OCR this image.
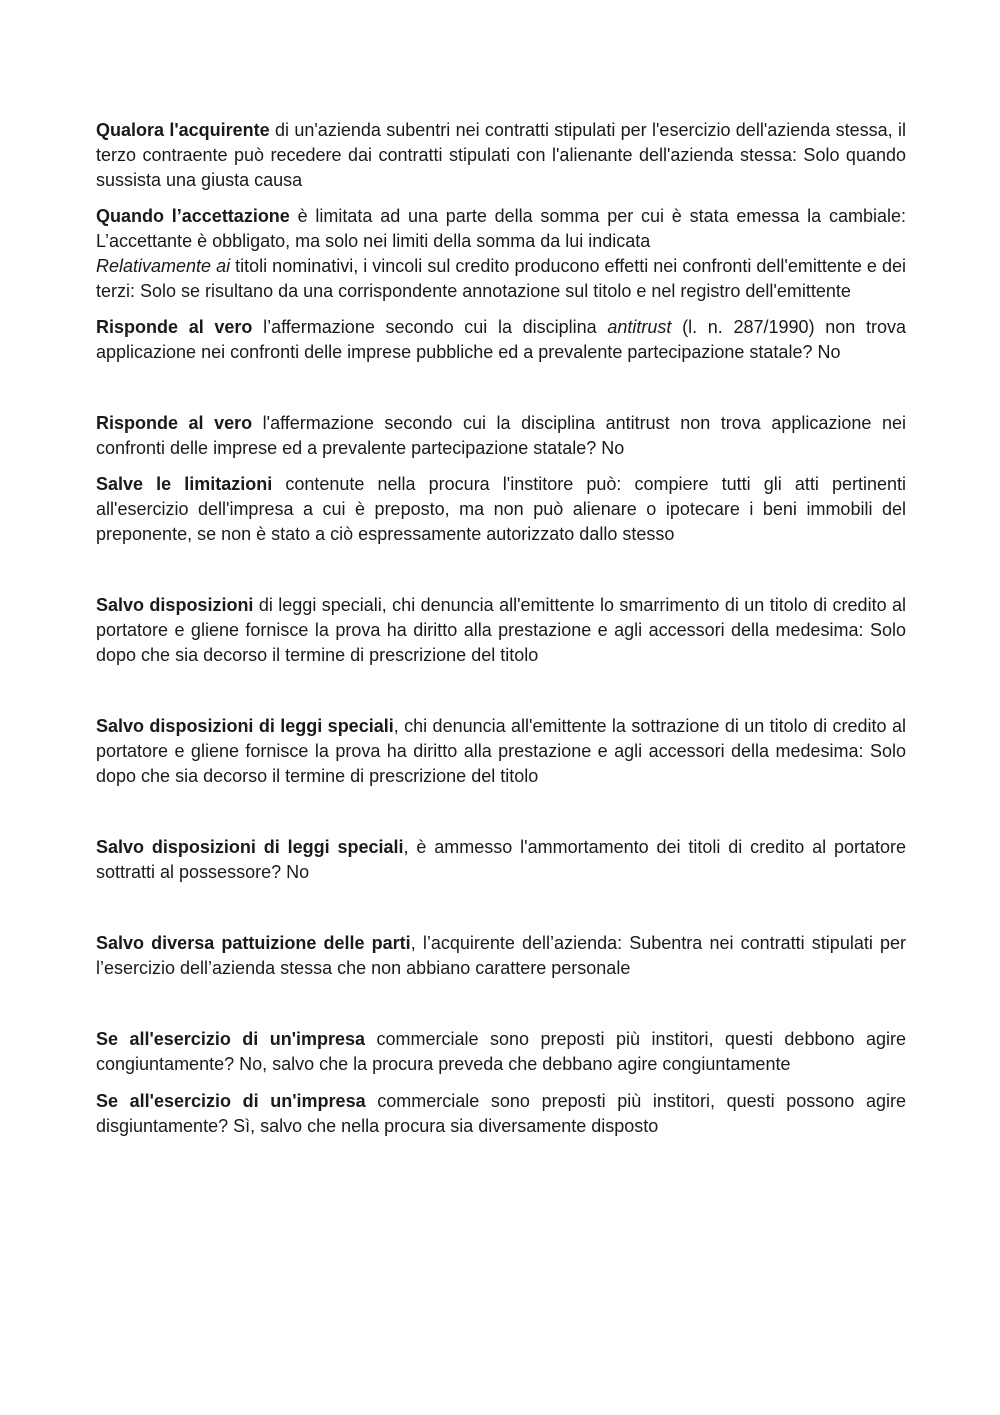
Qualora l'acquirente di un'azienda subentri nei contratti stipulati per l'esercizio dell'azienda stessa, il terzo contraente può recedere dai contratti stipulati con l'alienante dell'azienda stessa: Solo quando sussista una giusta causa

Quando l’accettazione è limitata ad una parte della somma per cui è stata emessa la cambiale: L’accettante è obbligato, ma solo nei limiti della somma da lui indicata

Relativamente ai titoli nominativi, i vincoli sul credito producono effetti nei confronti dell'emittente e dei terzi: Solo se risultano da una corrispondente annotazione sul titolo e nel registro dell'emittente

Risponde al vero l’affermazione secondo cui la disciplina antitrust (l. n. 287/1990) non trova applicazione nei confronti delle imprese pubbliche ed a prevalente partecipazione statale? No

Risponde al vero l'affermazione secondo cui la disciplina antitrust non trova applicazione nei confronti delle imprese ed a prevalente partecipazione statale? No

Salve le limitazioni contenute nella procura l'institore può: compiere tutti gli atti pertinenti all'esercizio dell'impresa a cui è preposto, ma non può alienare o ipotecare i beni immobili del preponente, se non è stato a ciò espressamente autorizzato dallo stesso

Salvo disposizioni di leggi speciali, chi denuncia all'emittente lo smarrimento di un titolo di credito al portatore e gliene fornisce la prova ha diritto alla prestazione e agli accessori della medesima: Solo dopo che sia decorso il termine di prescrizione del titolo

Salvo disposizioni di leggi speciali, chi denuncia all'emittente la sottrazione di un titolo di credito al portatore e gliene fornisce la prova ha diritto alla prestazione e agli accessori della medesima: Solo dopo che sia decorso il termine di prescrizione del titolo

Salvo disposizioni di leggi speciali, è ammesso l'ammortamento dei titoli di credito al portatore sottratti al possessore? No

Salvo diversa pattuizione delle parti, l’acquirente dell’azienda: Subentra nei contratti stipulati per l’esercizio dell’azienda stessa che non abbiano carattere personale

Se all'esercizio di un'impresa commerciale sono preposti più institori, questi debbono agire congiuntamente? No, salvo che la procura preveda che debbano agire congiuntamente

Se all'esercizio di un'impresa commerciale sono preposti più institori, questi possono agire disgiuntamente? Sì, salvo che nella procura sia diversamente disposto
